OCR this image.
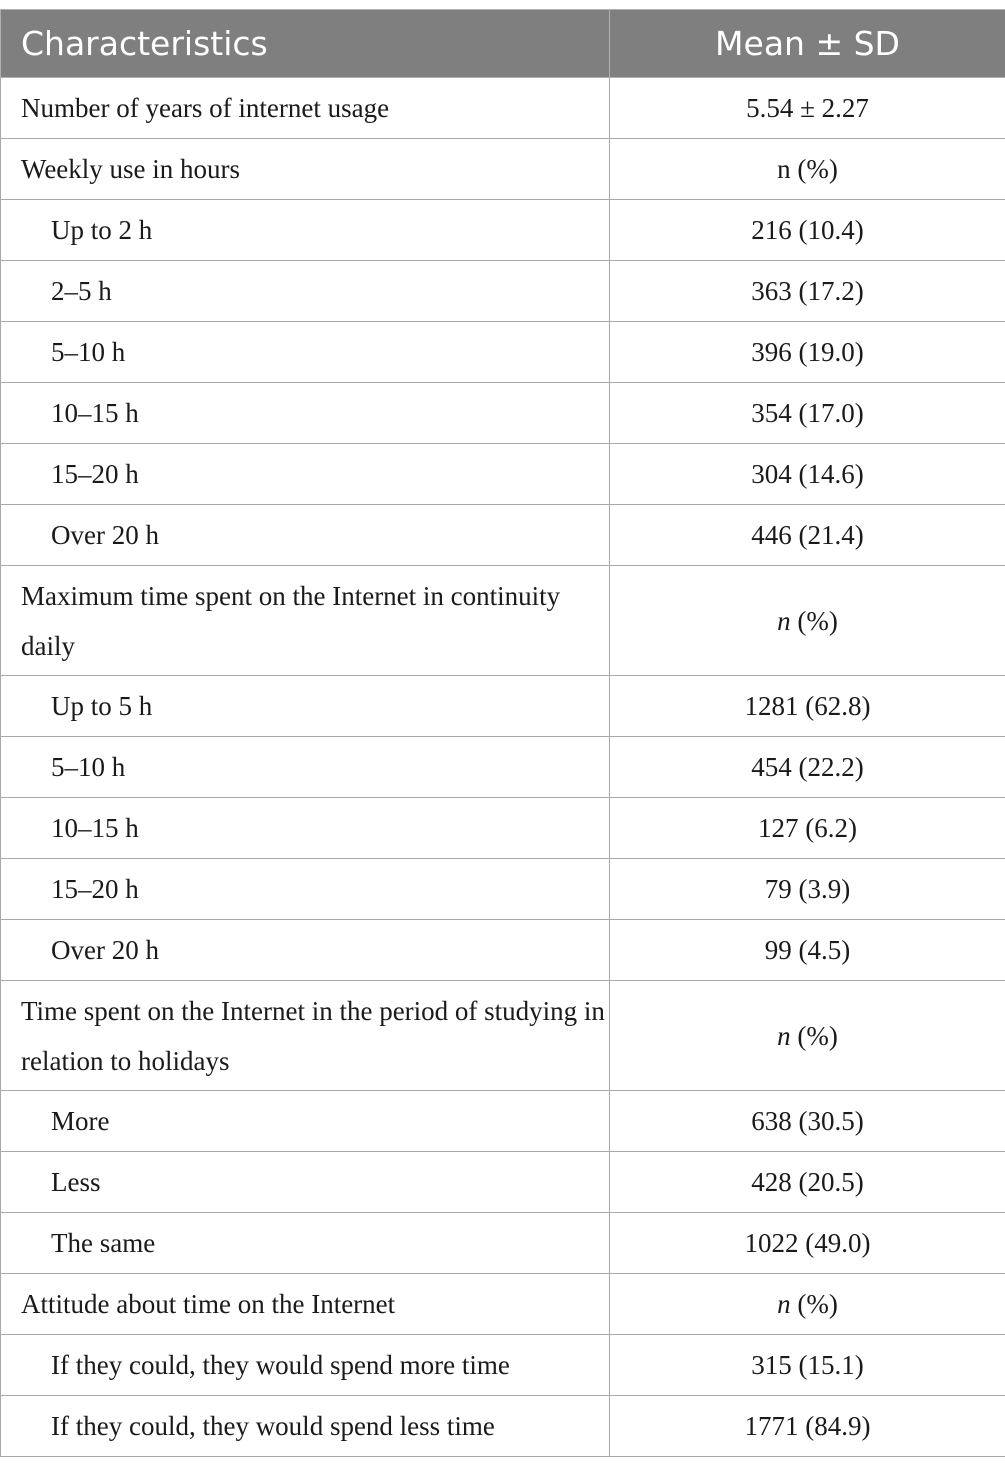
Characteristics	Mean ± SD
Number of years of internet usage	5.54 ± 2.27
Weekly use in hours	n (%)
Up to 2 h	216 (10.4)
2–5 h	363 (17.2)
5–10 h	396 (19.0)
10–15 h	354 (17.0)
15–20 h	304 (14.6)
Over 20 h	446 (21.4)
Maximum time spent on the Internet in continuity daily	n (%)
Up to 5 h	1281 (62.8)
5–10 h	454 (22.2)
10–15 h	127 (6.2)
15–20 h	79 (3.9)
Over 20 h	99 (4.5)
Time spent on the Internet in the period of studying in relation to holidays	n (%)
More	638 (30.5)
Less	428 (20.5)
The same	1022 (49.0)
Attitude about time on the Internet	n (%)
If they could, they would spend more time	315 (15.1)
If they could, they would spend less time	1771 (84.9)
